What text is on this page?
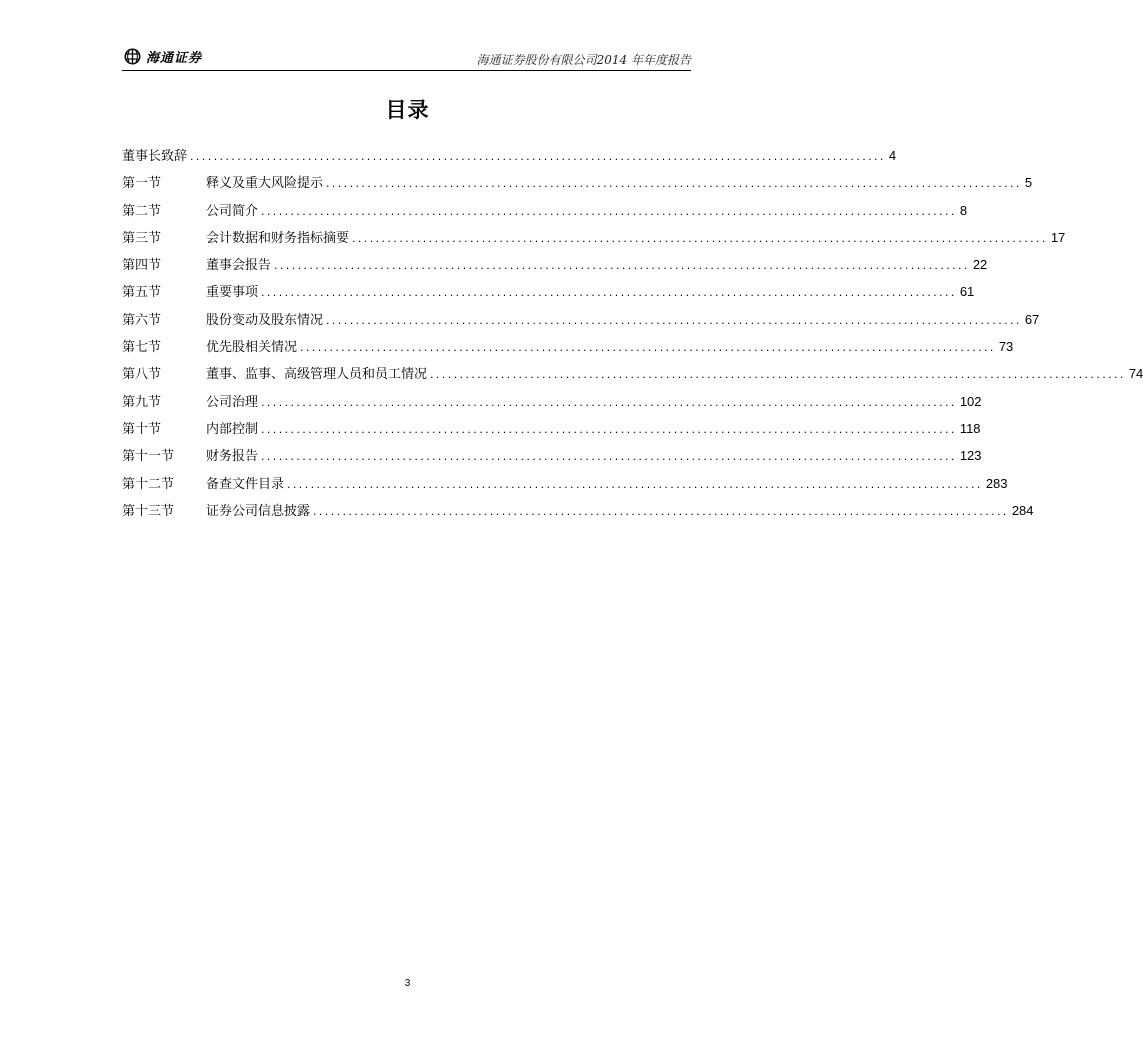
海通证券	海通证券股份有限公司2014 年年度报告
目录
董事长致辞 ...................................................................................................................... 4
第一节	释义及重大风险提示 ...................................................................................................................... 5
第二节	公司简介 ...................................................................................................................... 8
第三节	会计数据和财务指标摘要 ...................................................................................................................... 17
第四节	董事会报告 ...................................................................................................................... 22
第五节	重要事项 ...................................................................................................................... 61
第六节	股份变动及股东情况 ...................................................................................................................... 67
第七节	优先股相关情况 ...................................................................................................................... 73
第八节	董事、监事、高级管理人员和员工情况 ...................................................................................................................... 74
第九节	公司治理 ...................................................................................................................... 102
第十节	内部控制 ...................................................................................................................... 118
第十一节	财务报告 ...................................................................................................................... 123
第十二节	备查文件目录 ...................................................................................................................... 283
第十三节	证券公司信息披露 ...................................................................................................................... 284
3
